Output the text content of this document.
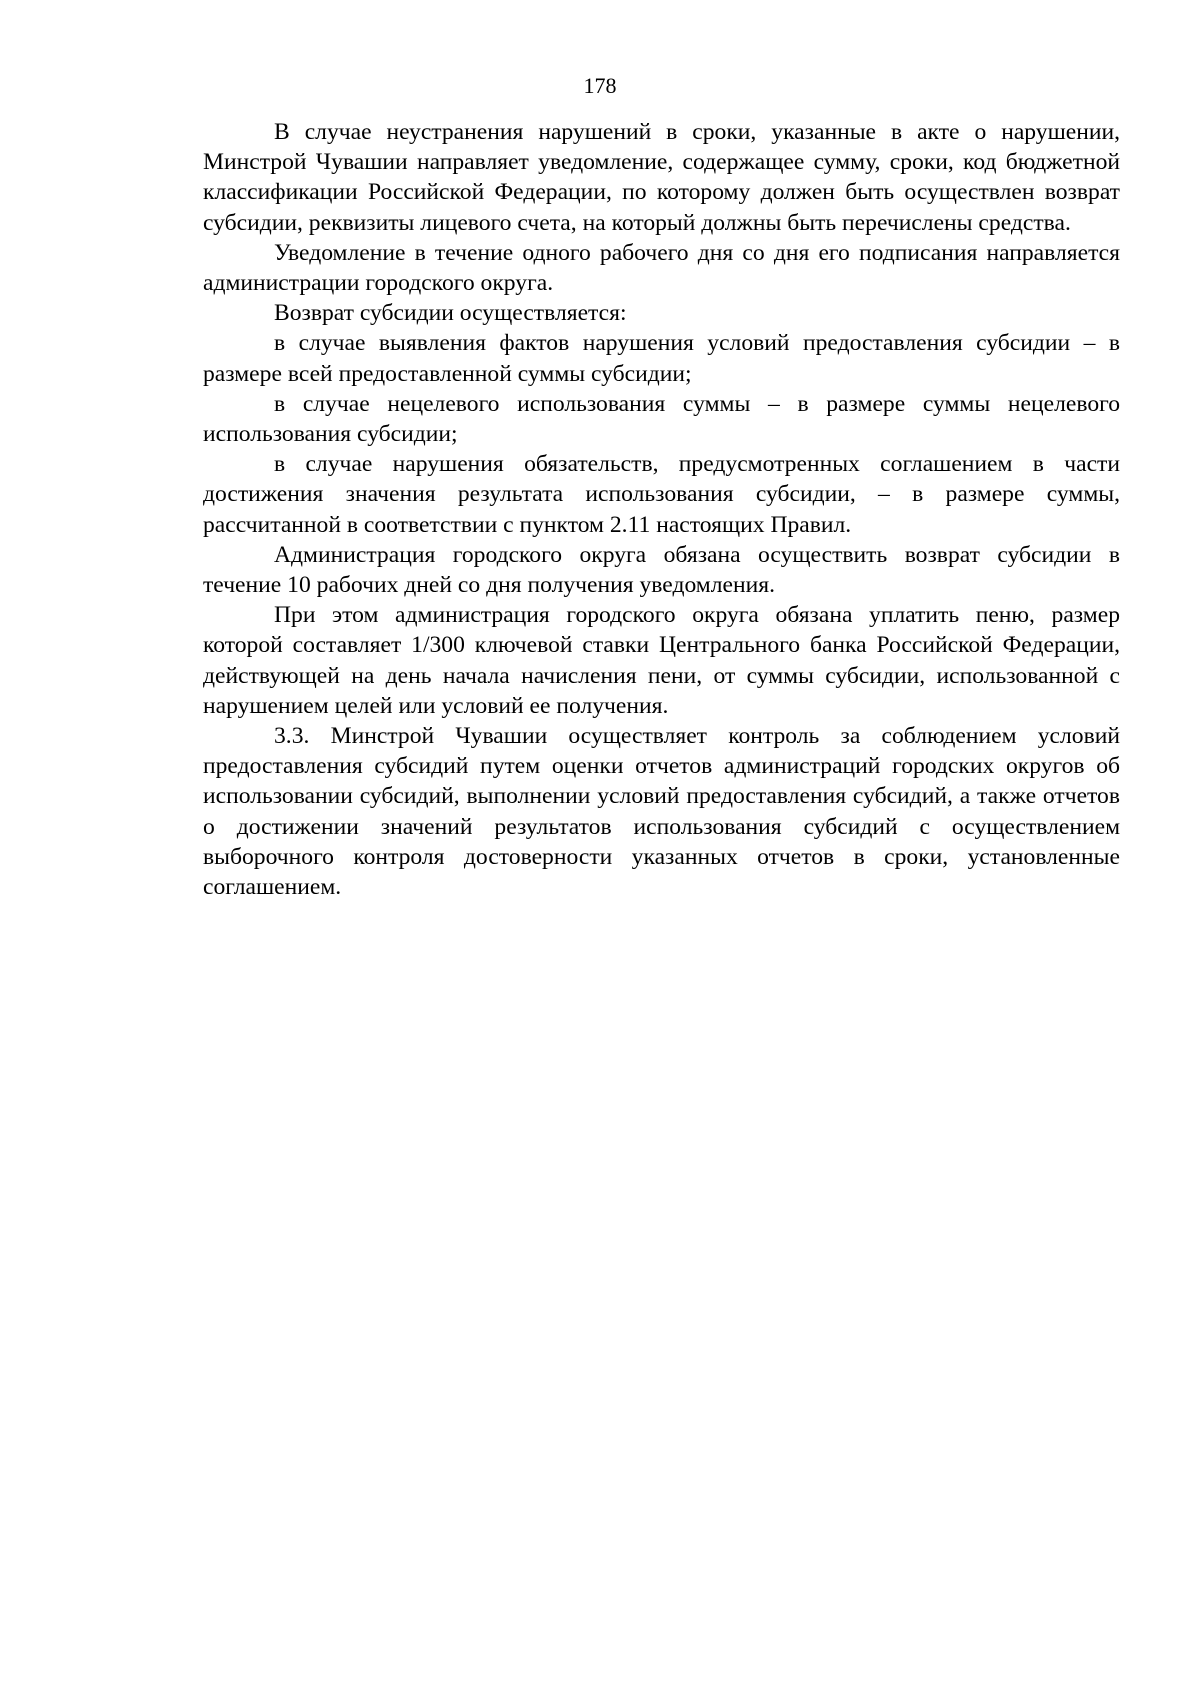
178

В случае неустранения нарушений в сроки, указанные в акте о нарушении, Минстрой Чувашии направляет уведомление, содержащее сумму, сроки, код бюджетной классификации Российской Федерации, по которому должен быть осуществлен возврат субсидии, реквизиты лицевого счета, на который должны быть перечислены средства.

Уведомление в течение одного рабочего дня со дня его подписания направляется администрации городского округа.

Возврат субсидии осуществляется:

в случае выявления фактов нарушения условий предоставления субсидии – в размере всей предоставленной суммы субсидии;

в случае нецелевого использования суммы – в размере суммы нецелевого использования субсидии;

в случае нарушения обязательств, предусмотренных соглашением в части достижения значения результата использования субсидии, – в размере суммы, рассчитанной в соответствии с пунктом 2.11 настоящих Правил.

Администрация городского округа обязана осуществить возврат субсидии в течение 10 рабочих дней со дня получения уведомления.

При этом администрация городского округа обязана уплатить пеню, размер которой составляет 1/300 ключевой ставки Центрального банка Российской Федерации, действующей на день начала начисления пени, от суммы субсидии, использованной с нарушением целей или условий ее получения.

3.3. Минстрой Чувашии осуществляет контроль за соблюдением условий предоставления субсидий путем оценки отчетов администраций городских округов об использовании субсидий, выполнении условий предоставления субсидий, а также отчетов о достижении значений результатов использования субсидий с осуществлением выборочного контроля достоверности указанных отчетов в сроки, установленные соглашением.
